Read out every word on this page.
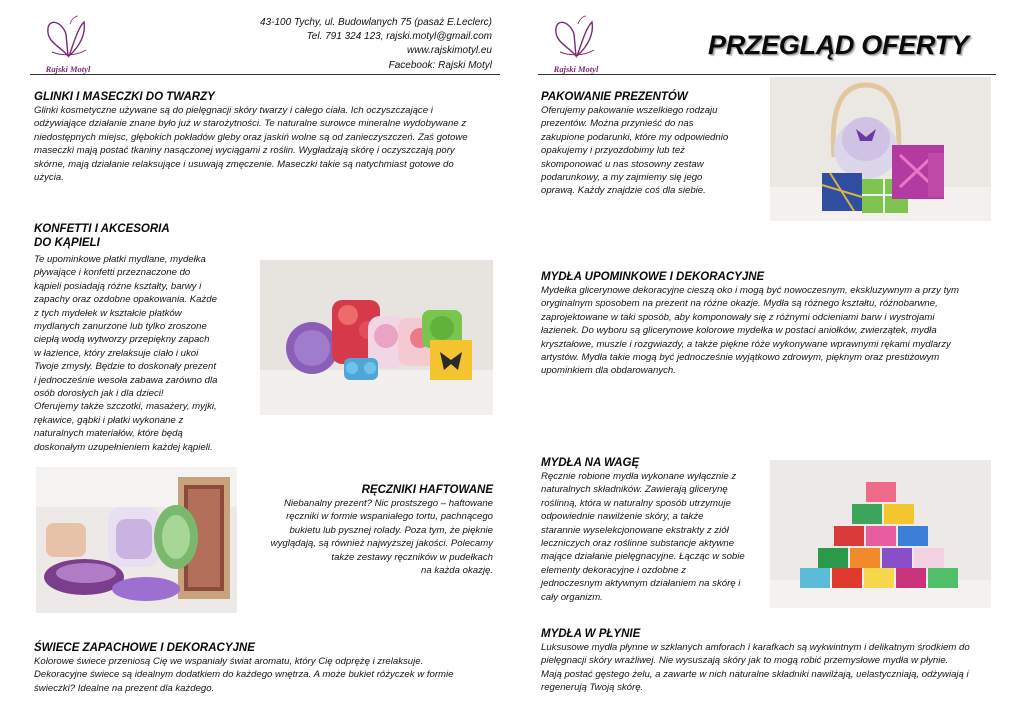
Rajski Motyl	Rajski Motyl
43-100 Tychy, ul. Budowlanych 75 (pasaż E.Leclerc)
Tel. 791 324 123, rajski.motyl@gmail.com
www.rajskimotyl.eu
Facebook: Rajski Motyl
PRZEGLĄD OFERTY
GLINKI I MASECZKI DO TWARZY
Glinki kosmetyczne używane są do pielęgnacji skóry twarzy i całego ciała. Ich oczyszczające i
odżywiające działanie znane było już w starożytności. Te naturalne surowce mineralne wydobywane z
niedostępnych miejsc, głębokich pokładów gleby oraz jaskiń wolne są od zanieczyszczeń. Zaś gotowe
maseczki mają postać tkaniny nasączonej wyciągami z roślin. Wygładzają skórę i oczyszczają pory
skórne, mają działanie relaksujące i usuwają zmęczenie. Maseczki takie są natychmiast gotowe do
użycia.
KONFETTI I AKCESORIA
DO KĄPIELI
Te upominkowe płatki mydlane, mydełka
pływające i konfetti przeznaczone do
kąpieli posiadają różne kształty, barwy i
zapachy oraz ozdobne opakowania. Każde
z tych mydełek w kształcie płatków
mydlanych zanurzone lub tylko zroszone
ciepłą wodą wytworzy przepiękny zapach
w łazience, który zrelaksuje ciało i ukoi
Twoje zmysły. Będzie to doskonały prezent
i jednocześnie wesoła zabawa zarówno dla
osób dorosłych jak i dla dzieci!
Oferujemy także szczotki, masażery, myjki,
rękawice, gąbki i płatki wykonane z
naturalnych materiałów, które będą
doskonałym uzupełnieniem każdej kąpieli.
RĘCZNIKI HAFTOWANE
Niebanalny prezent? Nic prostszego – haftowane
ręczniki w formie wspaniałego tortu, pachnącego
bukietu lub pysznej rolady. Poza tym, że pięknie
wyglądają, są również najwyższej jakości. Polecamy
także zestawy ręczników w pudełkach
na każda okazję.
ŚWIECE ZAPACHOWE I DEKORACYJNE
Kolorowe świece przeniosą Cię we wspaniały świat aromatu, który Cię odprężę i zrelaksuje.
Dekoracyjne świece są idealnym dodatkiem do każdego wnętrza. A może bukiet różyczek w formie
świeczki? Idealne na prezent dla każdego.
PAKOWANIE PREZENTÓW
Oferujemy pakowanie wszelkiego rodzaju
prezentów. Można przynieść do nas
zakupione podarunki, które my odpowiednio
opakujemy i przyozdobimy lub też
skomponować u nas stosowny zestaw
podarunkowy, a my zajmiemy się jego
oprawą. Każdy znajdzie coś dla siebie.
MYDŁA UPOMINKOWE I DEKORACYJNE
Mydełka glicerynowe dekoracyjne cieszą oko i mogą być nowoczesnym, ekskluzywnym a przy tym
oryginalnym sposobem na prezent na różne okazje. Mydła są różnego kształtu, różnobarwne,
zaprojektowane w taki sposób, aby komponowały się z różnymi odcieniami barw i wystrojami
łazienek. Do wyboru są glicerynowe kolorowe mydełka w postaci aniołków, zwierzątek, mydła
kryształowe, muszle i rozgwiazdy, a także piękne róże wykonywane wprawnymi rękami mydlarzy
artystów. Mydła takie mogą być jednocześnie wyjątkowo zdrowym, pięknym oraz prestiżowym
upominkiem dla obdarowanych.
MYDŁA NA WAGĘ
Ręcznie robione mydła wykonane wyłącznie z
naturalnych składników. Zawierają glicerynę
roślinną, która w naturalny sposób utrzymuje
odpowiednie nawilżenie skóry, a także
starannie wyselekcjonowane ekstrakty z ziół
leczniczych oraz roślinne substancje aktywne
mające działanie pielęgnacyjne. Łącząc w sobie
elementy dekoracyjne i ozdobne z
jednoczesnym aktywnym działaniem na skórę i
cały organizm.
MYDŁA W PŁYNIE
Luksusowe mydła płynne w szklanych amforach i karafkach są wykwintnym i delikatnym środkiem do
pielęgnacji skóry wrażliwej. Nie wysuszają skóry jak to mogą robić przemysłowe mydła w płynie.
Mają postać gęstego żelu, a zawarte w nich naturalne składniki nawilżają, uelastyczniają, odżywiają i
regenerują Twoją skórę.
